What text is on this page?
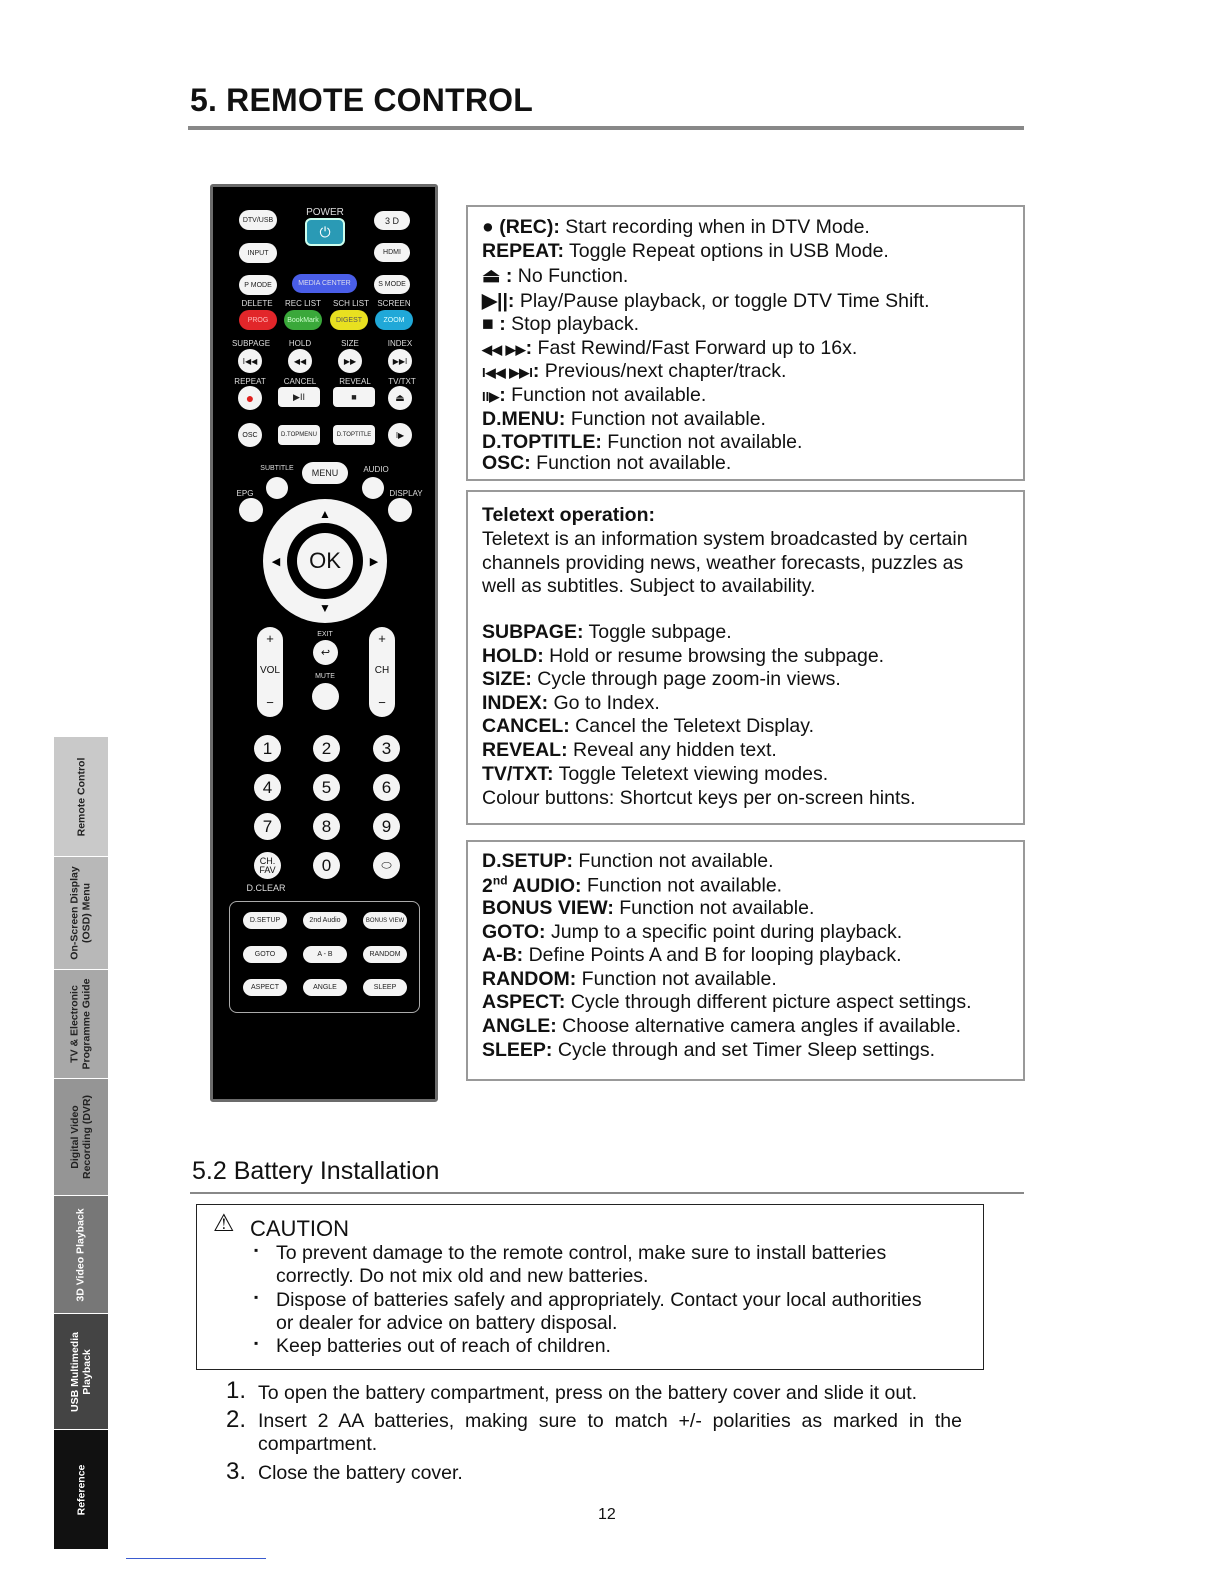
5. REMOTE CONTROL
Remote Control
On-Screen Display
(OSD) Menu
TV & Electronic
Programme Guide
Digital Video
Recording (DVR)
3D Video Playback
USB Multimedia
Playback
Reference
DTV/USB
POWER
⏻
3 D
INPUT	HDMI
P MODE	MEDIA CENTER	S MODE
DELETE REC LIST SCH LIST SCREEN
PROG	BookMark	DIGEST	ZOOM
SUBPAGE HOLD	SIZE	INDEX
I◀◀	◀◀	▶▶	▶▶I
REPEAT CANCEL	REVEAL TV/TXT
●	▶II	■	⏏
OSC	D.TOPMENU	D.TOPTITLE	I▶
SUBTITLE	MENU	AUDIO
EPG	DISPLAY
▲
▼
◀	▶
OK
+
VOL
−
EXIT
↩
MUTE
+
CH
−
1	2	3
4	5	6
7	8	9
CH.
FAV	0	⬭
D.CLEAR
D.SETUP	2nd Audio	BONUS VIEW
GOTO	A - B	RANDOM
ASPECT	ANGLE	SLEEP
● (REC): Start recording when in DTV Mode.
REPEAT: Toggle Repeat options in USB Mode.
⏏ : No Function.
▶||: Play/Pause playback, or toggle DTV Time Shift.
■ : Stop playback.
◀◀ ▶▶: Fast Rewind/Fast Forward up to 16x.
I◀◀ ▶▶I: Previous/next chapter/track.
II▶: Function not available.
D.MENU: Function not available.
D.TOPTITLE: Function not available.
OSC: Function not available.
Teletext operation:
Teletext is an information system broadcasted by certain
channels providing news, weather forecasts, puzzles as
well as subtitles. Subject to availability.
SUBPAGE: Toggle subpage.
HOLD: Hold or resume browsing the subpage.
SIZE: Cycle through page zoom-in views.
INDEX: Go to Index.
CANCEL: Cancel the Teletext Display.
REVEAL: Reveal any hidden text.
TV/TXT: Toggle Teletext viewing modes.
Colour buttons: Shortcut keys per on-screen hints.
D.SETUP: Function not available.
2nd AUDIO: Function not available.
BONUS VIEW: Function not available.
GOTO: Jump to a specific point during playback.
A-B: Define Points A and B for looping playback.
RANDOM: Function not available.
ASPECT: Cycle through different picture aspect settings.
ANGLE: Choose alternative camera angles if available.
SLEEP: Cycle through and set Timer Sleep settings.
5.2 Battery Installation
⚠ CAUTION
▪ To prevent damage to the remote control, make sure to install batteries
correctly. Do not mix old and new batteries.
▪ Dispose of batteries safely and appropriately. Contact your local authorities
or dealer for advice on battery disposal.
▪ Keep batteries out of reach of children.
1. To open the battery compartment, press on the battery cover and slide it out.
2. Insert  2  AA  batteries,  making  sure  to  match  +/-  polarities  as  marked  in  the
compartment.
3. Close the battery cover.
12
